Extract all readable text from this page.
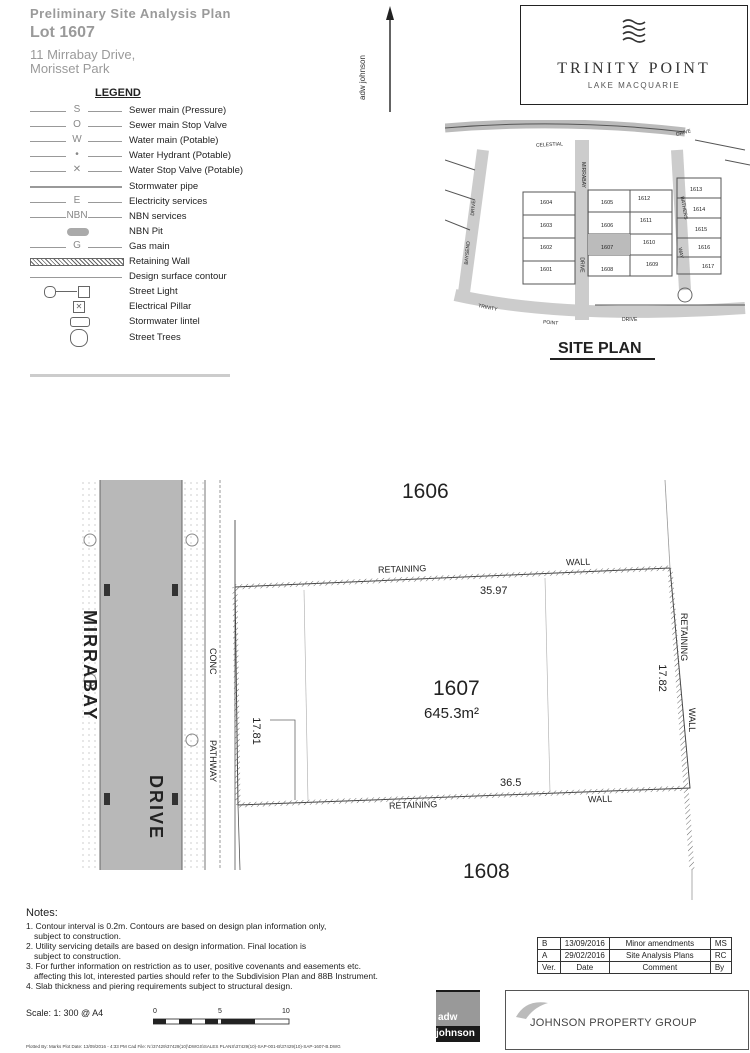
Preliminary Site Analysis Plan
Lot 1607
11 Mirrabay Drive,
Morisset Park
LEGEND
S	Sewer main (Pressure)
O	Sewer main Stop Valve
W	Water main (Potable)
•	Water Hydrant (Potable)
✕	Water Stop Valve (Potable)
Stormwater pipe
E	Electricity services
NBN	NBN services
NBN Pit
G	Gas main
Retaining Wall
Design surface contour
Street Light
✕	Electrical Pillar
Stormwater lintel
Street Trees
adw johnson	TRINITY POINT
LAKE MACQUARIE
1604
1603
1602
1601
1605
1606
1607
1608
1612
1611
1610
1609
1613
1614
1615
1616
1617
SITE PLAN
CELESTIAL
DRIVE
MIRRABAY
DRIVE
BATHERS
WAY
BAYSEND
DRIVE
TRINITY
POINT	DRIVE
1606
1608
1607
645.3m²
35.97
36.5
17.82
17.81
RETAINING
WALL
RETAINING
WALL
RETAINING
WALL
MIRRABAY
DRIVE
CONC
PATHWAY
Notes:
1. Contour interval is 0.2m. Contours are based on design plan information only,
subject to construction.
2. Utility servicing details are based on design information. Final location is
subject to construction.
3. For further information on restriction as to user, positive covenants and easements etc.
affecting this lot, interested parties should refer to the Subdivision Plan and 88B Instrument.
4. Slab thickness and piering requirements subject to structural design.
Scale: 1: 300 @ A4	0	5	10
B	13/09/2016	Minor amendments	MS
A	29/02/2016	Site Analysis Plans	RC
Ver.	Date	Comment	By
adw
johnson
JOHNSON PROPERTY GROUP
Plotted By: Marks Plot Date: 13/09/2016 - 4:33 PM Cad File: N:\37429\37429(10)\DWGS\SALES PLANS\37429(10)-SAP-001-B\37429(10)-SAP-1607-B.DWG
